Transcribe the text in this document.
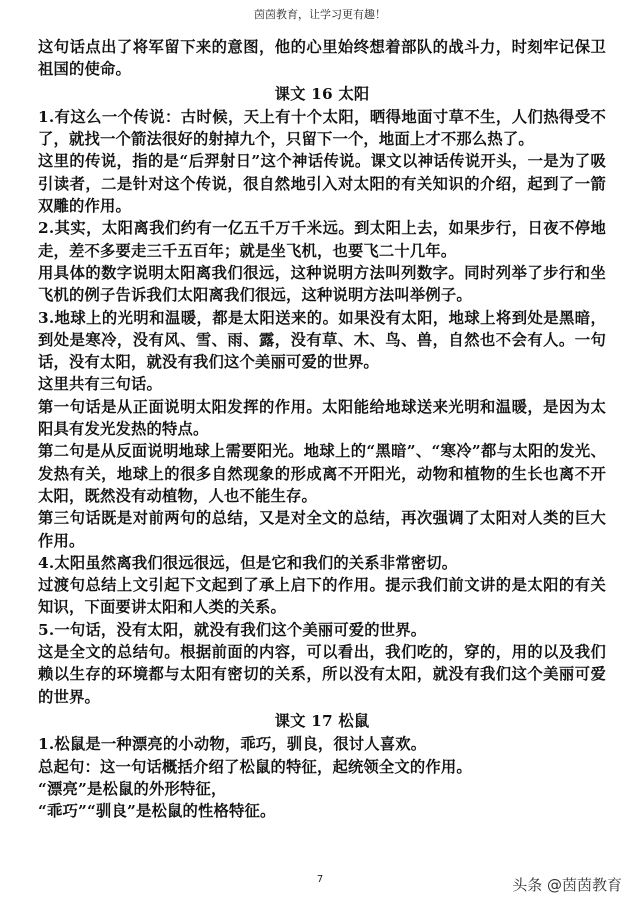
茵茵教育，让学习更有趣！

这句话点出了将军留下来的意图，他的心里始终想着部队的战斗力，时刻牢记保卫祖国的使命。

课文 16 太阳

1.有这么一个传说：古时候，天上有十个太阳，晒得地面寸草不生，人们热得受不了，就找一个箭法很好的射掉九个，只留下一个，地面上才不那么热了。

这里的传说，指的是“后羿射日”这个神话传说。课文以神话传说开头，一是为了吸引读者，二是针对这个传说，很自然地引入对太阳的有关知识的介绍，起到了一箭双雕的作用。

2.其实，太阳离我们约有一亿五千万千米远。到太阳上去，如果步行，日夜不停地走，差不多要走三千五百年；就是坐飞机，也要飞二十几年。

用具体的数字说明太阳离我们很远，这种说明方法叫列数字。同时列举了步行和坐飞机的例子告诉我们太阳离我们很远，这种说明方法叫举例子。

3.地球上的光明和温暖，都是太阳送来的。如果没有太阳，地球上将到处是黑暗，到处是寒冷，没有风、雪、雨、露，没有草、木、鸟、兽，自然也不会有人。一句话，没有太阳，就没有我们这个美丽可爱的世界。

这里共有三句话。

第一句话是从正面说明太阳发挥的作用。太阳能给地球送来光明和温暖，是因为太阳具有发光发热的特点。

第二句是从反面说明地球上需要阳光。地球上的“黑暗”、“寒冷”都与太阳的发光、发热有关，地球上的很多自然现象的形成离不开阳光，动物和植物的生长也离不开太阳，既然没有动植物，人也不能生存。

第三句话既是对前两句的总结，又是对全文的总结，再次强调了太阳对人类的巨大作用。

4.太阳虽然离我们很远很远，但是它和我们的关系非常密切。

过渡句总结上文引起下文起到了承上启下的作用。提示我们前文讲的是太阳的有关知识，下面要讲太阳和人类的关系。

5.一句话，没有太阳，就没有我们这个美丽可爱的世界。

这是全文的总结句。根据前面的内容，可以看出，我们吃的，穿的，用的以及我们赖以生存的环境都与太阳有密切的关系，所以没有太阳，就没有我们这个美丽可爱的世界。

课文 17 松鼠

1.松鼠是一种漂亮的小动物，乖巧，驯良，很讨人喜欢。

总起句：这一句话概括介绍了松鼠的特征，起统领全文的作用。

“漂亮”是松鼠的外形特征，

“乖巧”“驯良”是松鼠的性格特征。

7	头条 @茵茵教育
